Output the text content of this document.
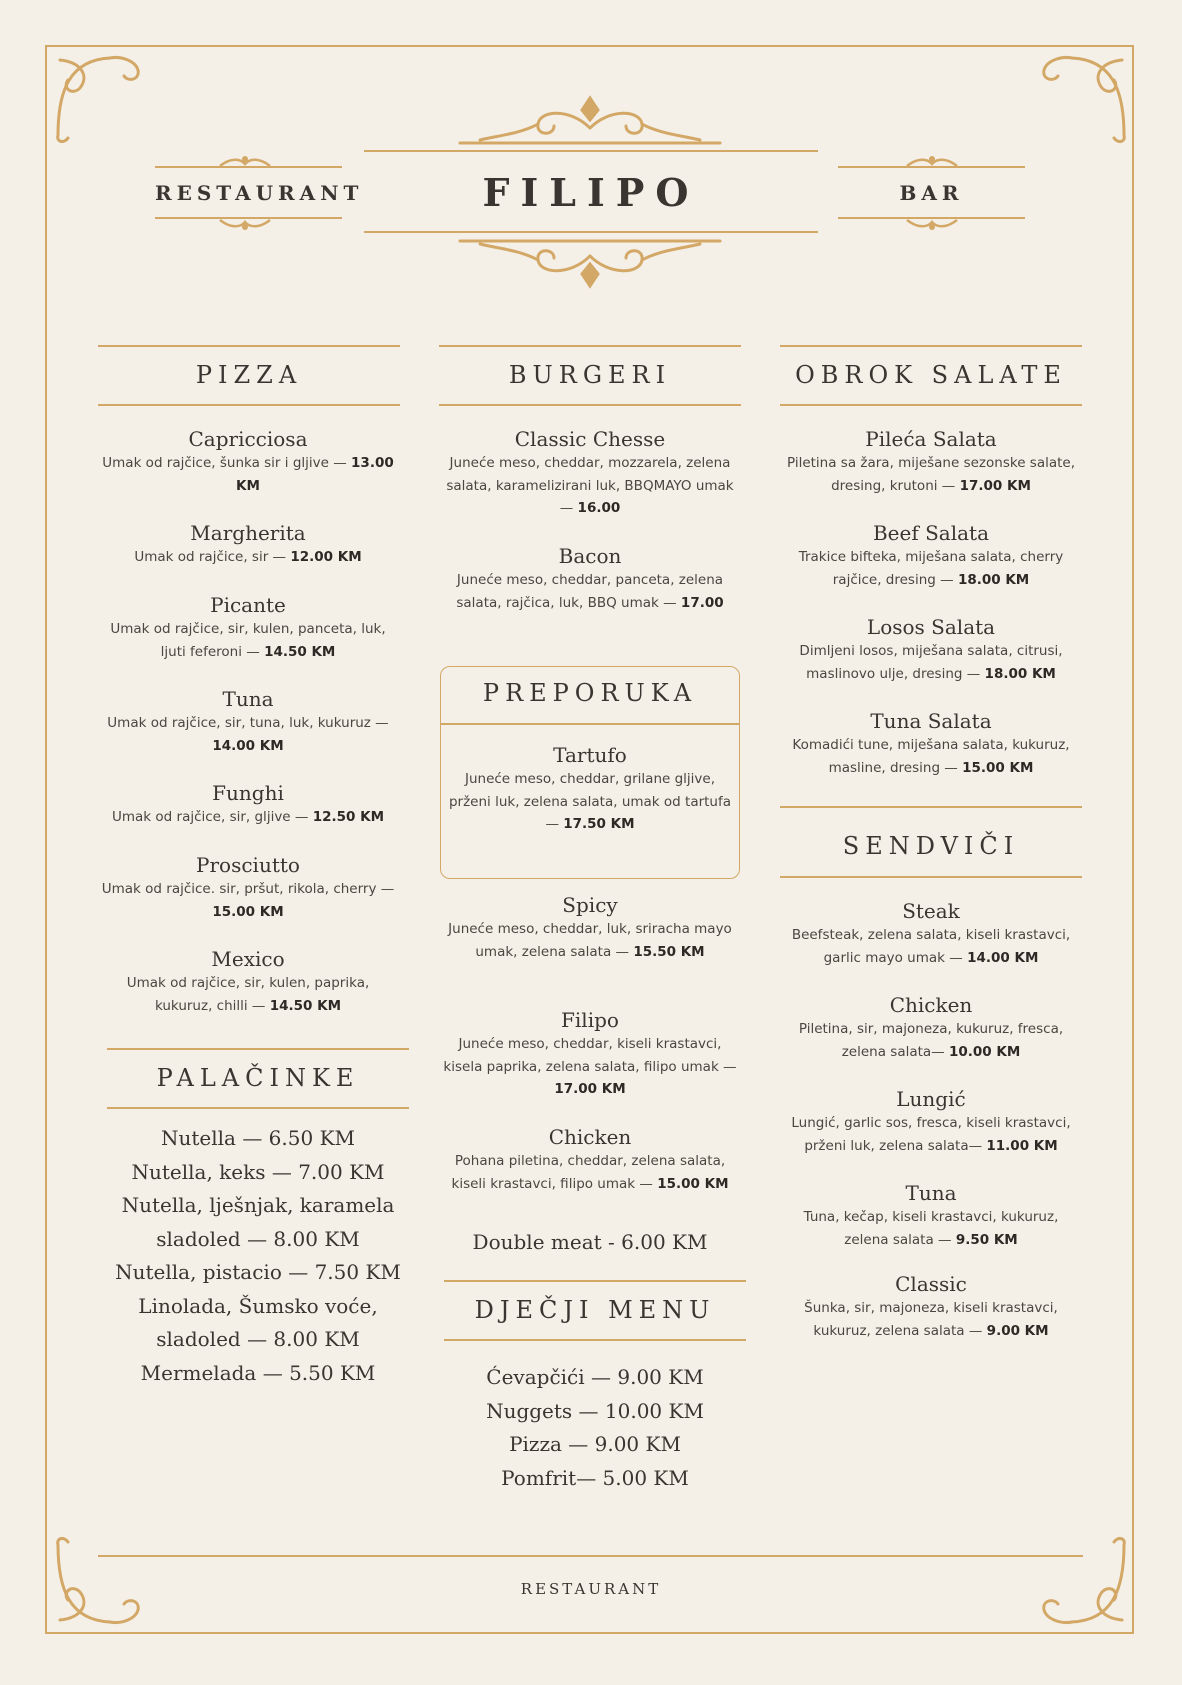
RESTAURANT	FILIPO	BAR
PIZZA
Capricciosa
Umak od rajčice, šunka sir i gljive — 13.00 KM
Margherita
Umak od rajčice, sir — 12.00 KM
Picante
Umak od rajčice, sir, kulen, panceta, luk, ljuti feferoni — 14.50 KM
Tuna
Umak od rajčice, sir, tuna, luk, kukuruz — 14.00 KM
Funghi
Umak od rajčice, sir, gljive — 12.50 KM
Prosciutto
Umak od rajčice. sir, pršut, rikola, cherry — 15.00 KM
Mexico
Umak od rajčice, sir, kulen, paprika, kukuruz, chilli — 14.50 KM
PALAČINKE
Nutella — 6.50 KM
Nutella, keks — 7.00 KM
Nutella, lješnjak, karamela
sladoled — 8.00 KM
Nutella, pistacio — 7.50 KM
Linolada, Šumsko voće,
sladoled — 8.00 KM
Mermelada — 5.50 KM
BURGERI
Classic Chesse
Juneće meso, cheddar, mozzarela, zelena salata, karamelizirani luk, BBQMAYO umak — 16.00
Bacon
Juneće meso, cheddar, panceta, zelena salata, rajčica, luk, BBQ umak — 17.00
Spicy
Juneće meso, cheddar, luk, sriracha mayo umak, zelena salata — 15.50 KM
Filipo
Juneće meso, cheddar, kiseli krastavci, kisela paprika, zelena salata, filipo umak — 17.00 KM
Chicken
Pohana piletina, cheddar, zelena salata, kiseli krastavci, filipo umak — 15.00 KM
Double meat - 6.00 KM
PREPORUKA
Tartufo
Juneće meso, cheddar, grilane gljive, prženi luk, zelena salata, umak od tartufa — 17.50 KM
DJEČJI MENU
Ćevapčići — 9.00 KM
Nuggets — 10.00 KM
Pizza — 9.00 KM
Pomfrit— 5.00 KM
OBROK SALATE
Pileća Salata
Piletina sa žara, miješane sezonske salate, dresing, krutoni — 17.00 KM
Beef Salata
Trakice bifteka, miješana salata, cherry rajčice, dresing — 18.00 KM
Losos Salata
Dimljeni losos, miješana salata, citrusi, maslinovo ulje, dresing — 18.00 KM
Tuna Salata
Komadići tune, miješana salata, kukuruz, masline, dresing — 15.00 KM
SENDVIČI
Steak
Beefsteak, zelena salata, kiseli krastavci, garlic mayo umak — 14.00 KM
Chicken
Piletina, sir, majoneza, kukuruz, fresca, zelena salata— 10.00 KM
Lungić
Lungić, garlic sos, fresca, kiseli krastavci, prženi luk, zelena salata— 11.00 KM
Tuna
Tuna, kečap, kiseli krastavci, kukuruz, zelena salata — 9.50 KM
Classic
Šunka, sir, majoneza, kiseli krastavci, kukuruz, zelena salata — 9.00 KM
RESTAURANT
